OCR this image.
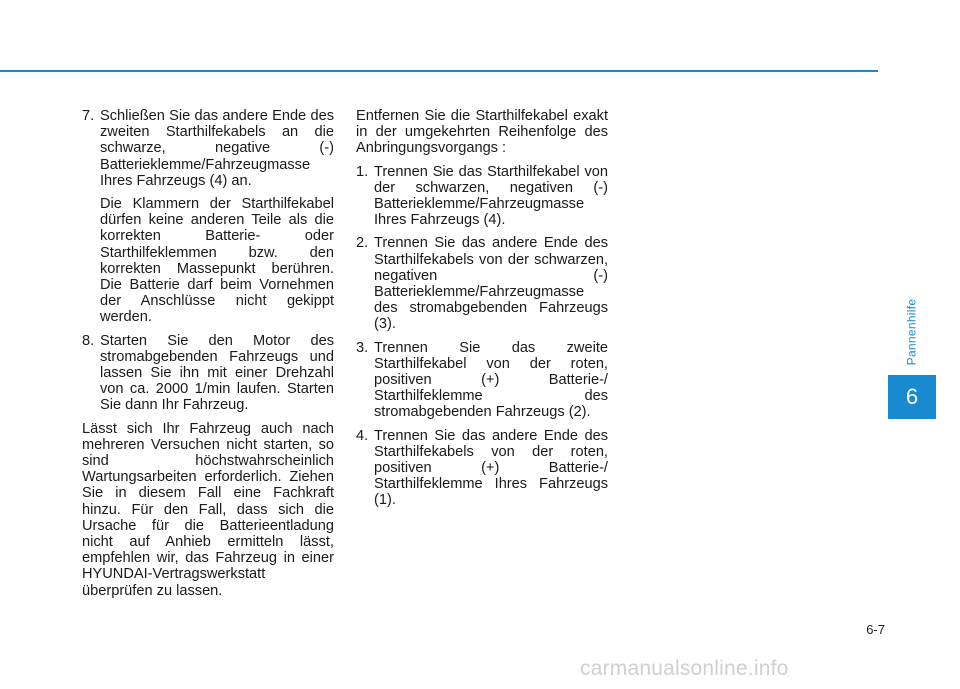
7. Schließen Sie das andere Ende des zweiten Starthilfekabels an die schwarze, negative (-) Batterieklemme/Fahrzeugmasse Ihres Fahrzeugs (4) an.

Die Klammern der Starthilfekabel dürfen keine anderen Teile als die korrekten Batterie- oder Starthilfeklemmen bzw. den korrekten Massepunkt berühren. Die Batterie darf beim Vornehmen der Anschlüsse nicht gekippt werden.

8. Starten Sie den Motor des stromabgebenden Fahrzeugs und lassen Sie ihn mit einer Drehzahl von ca. 2000 1/min laufen. Starten Sie dann Ihr Fahrzeug.

Lässt sich Ihr Fahrzeug auch nach mehreren Versuchen nicht starten, so sind höchstwahrscheinlich Wartungsarbeiten erforderlich. Ziehen Sie in diesem Fall eine Fachkraft hinzu. Für den Fall, dass sich die Ursache für die Batterieentladung nicht auf Anhieb ermitteln lässt, empfehlen wir, das Fahrzeug in einer HYUNDAI-Vertragswerkstatt überprüfen zu lassen.

Entfernen Sie die Starthilfekabel exakt in der umgekehrten Reihenfolge des Anbringungsvorgangs :

1. Trennen Sie das Starthilfekabel von der schwarzen, negativen (-) Batterieklemme/Fahrzeugmasse Ihres Fahrzeugs (4).
2. Trennen Sie das andere Ende des Starthilfekabels von der schwarzen, negativen (-) Batterieklemme/Fahrzeugmasse des stromabgebenden Fahrzeugs (3).
3. Trennen Sie das zweite Starthilfekabel von der roten, positiven (+) Batterie-/ Starthilfeklemme des stromabgebenden Fahrzeugs (2).
4. Trennen Sie das andere Ende des Starthilfekabels von der roten, positiven (+) Batterie-/ Starthilfeklemme Ihres Fahrzeugs (1).
Pannenhilfe
6
6-7
carmanualsonline.info
